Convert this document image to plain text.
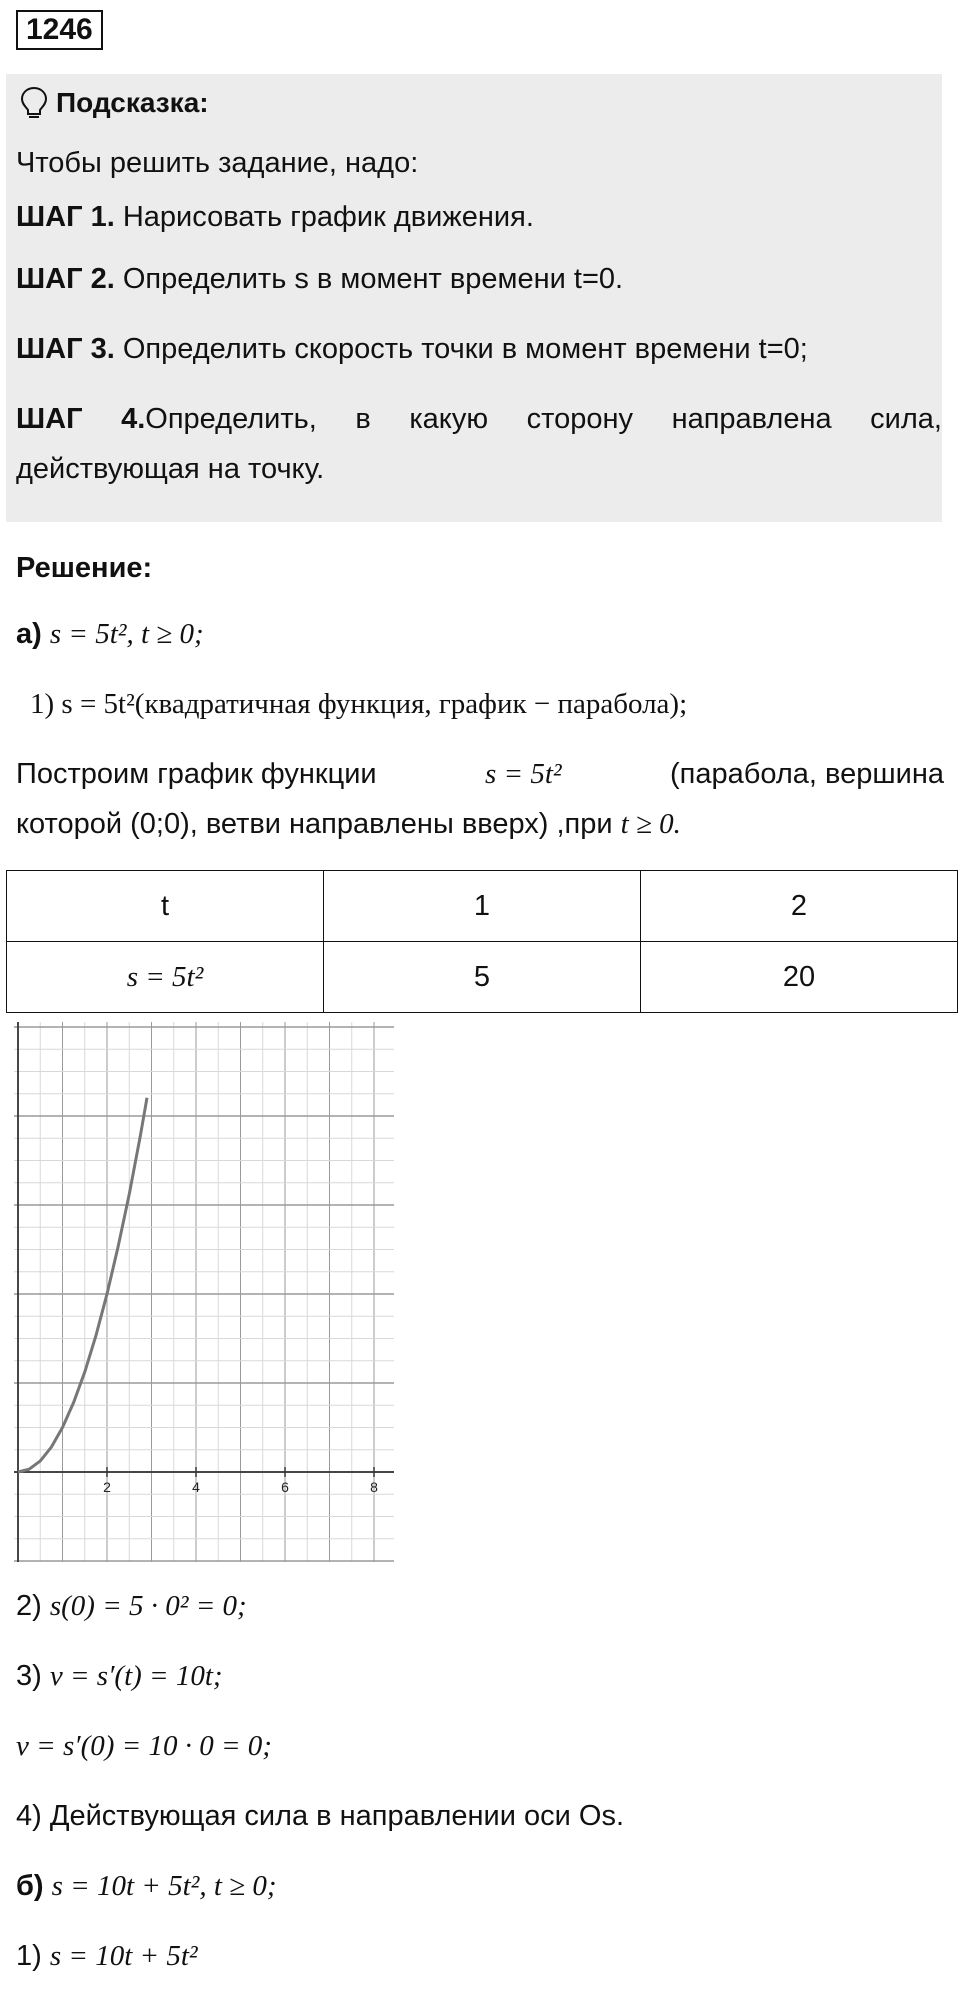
1246
Подсказка:
Чтобы решить задание, надо:
ШАГ 1. Нарисовать график движения.
ШАГ 2. Определить s в момент времени t=0.
ШАГ 3. Определить скорость точки в момент времени t=0;
ШАГ 4.Определить, в какую сторону направлена сила,
действующая на точку.
Решение:
а) s = 5t², t ≥ 0;
1) s = 5t²(квадратичная функция, график − парабола);
Построим график функции	s = 5t²	(парабола, вершина
которой (0;0), ветви направлены вверх) ,при t ≥ 0.
t	1	2
s = 5t²	5	20
2	4	6	8
2) s(0) = 5 · 0² = 0;
3) v = s′(t) = 10t;
v = s′(0) = 10 · 0 = 0;
4) Действующая сила в направлении оси Os.
б) s = 10t + 5t², t ≥ 0;
1) s = 10t + 5t²
